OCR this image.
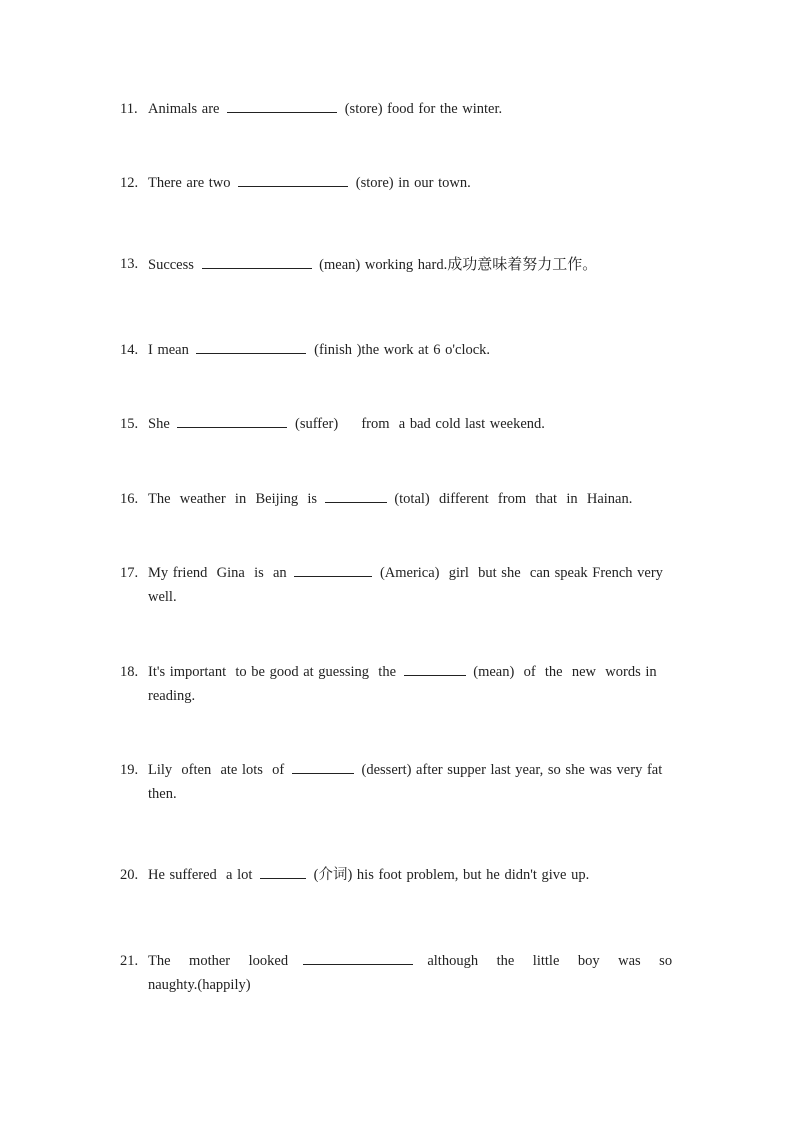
11. Animals are	(store) food for the winter.
12. There are two	(store) in our town.
13. Success	(mean) working hard.成功意味着努力工作。
14. I mean	(finish )the work at 6 o'clock.
15. She	(suffer)     from  a bad cold last weekend.
16. The  weather  in  Beijing  is	(total)  different  from  that  in  Hainan.
17. My friend  Gina  is  an	(America)  girl  but she  can speak French very
well.
18. It's important  to be good at guessing  the	(mean)  of  the  new  words in
reading.
19. Lily  often  ate lots  of	(dessert) after supper last year, so she was very fat
then.
20. He suffered  a lot	(介词) his foot problem, but he didn't give up.
21. The    mother    looked	although    the    little    boy    was    so
naughty.(happily)
